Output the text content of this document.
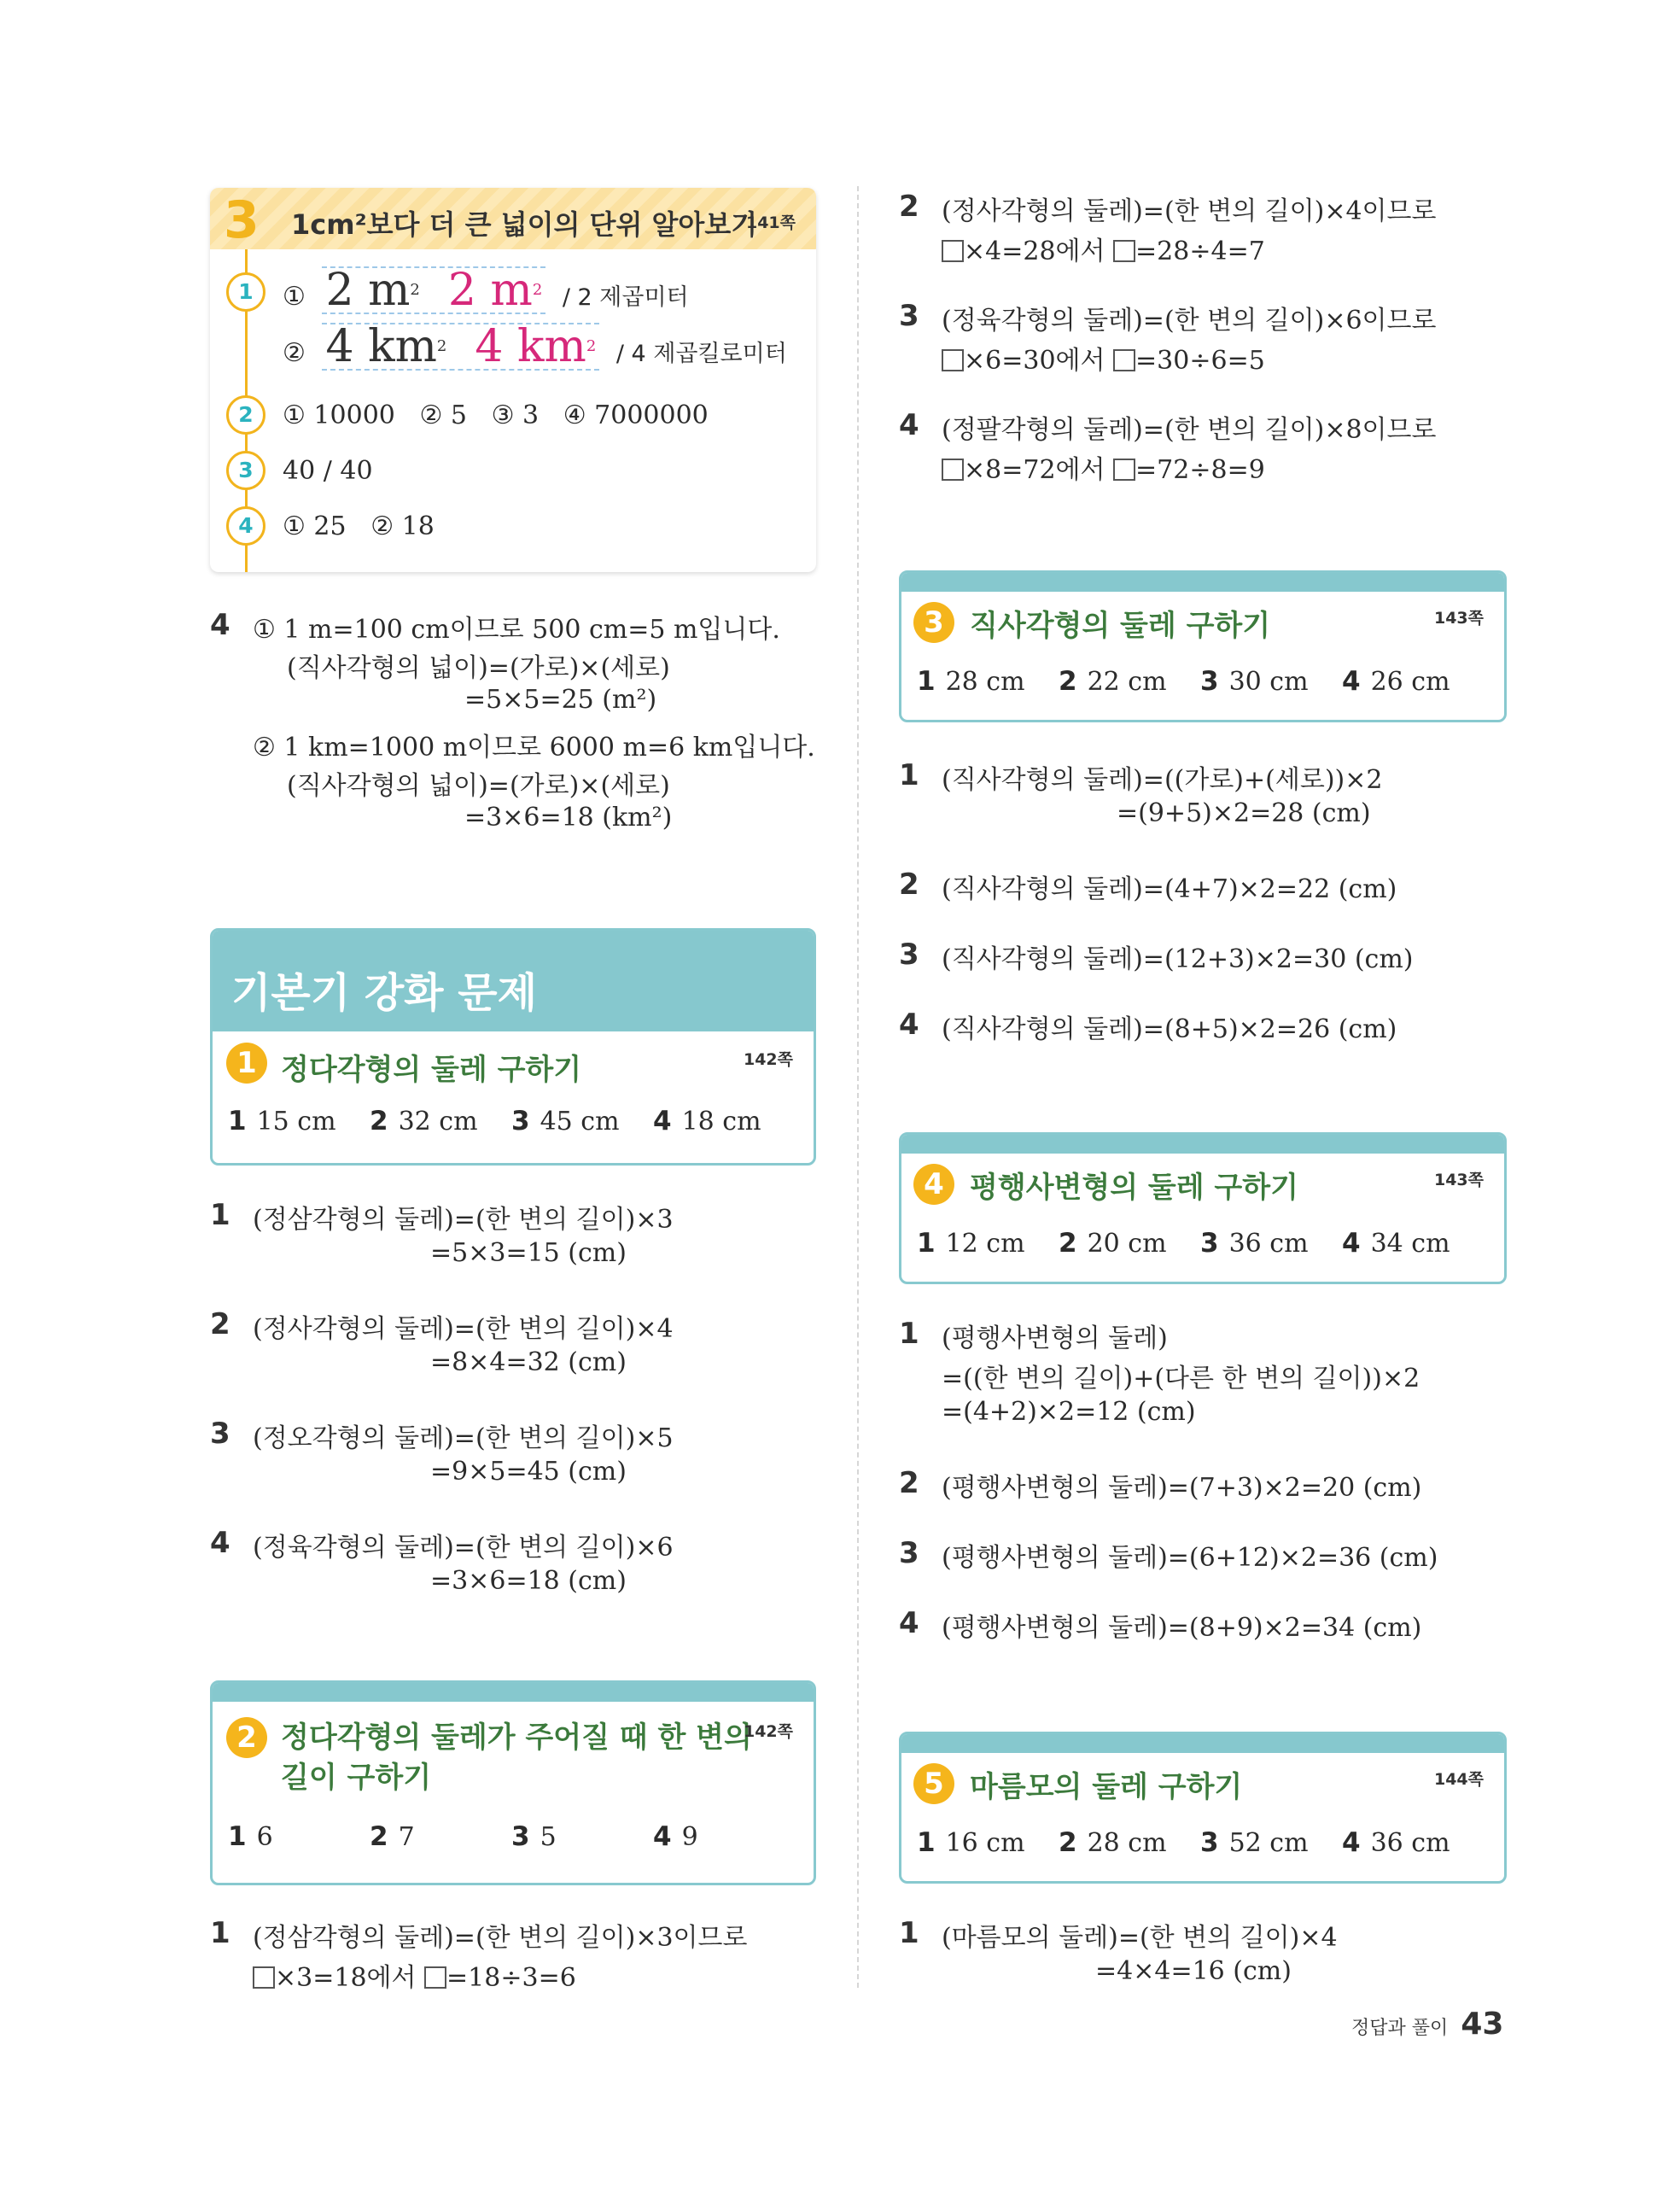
3 1cm²보다 더 큰 넓이의 단위 알아보기
141쪽
1	① 2 $m^2$ 2 $m^2 / 2$ 제곱미터
② 4 $km^2$ 4 $km^2 / 4$ 제곱킬로미터
2	① 10000   ② 5   ③ 3   ④ 7000000
3	40 / 40
4	① 25   ② 18
4 ① 1 m=100 cm이므로 500 cm=5 m입니다.
(직사각형의 넓이)=(가로)×(세로)
=5×5=25 (m²)
② 1 km=1000 m이므로 6000 m=6 km입니다.
(직사각형의 넓이)=(가로)×(세로)
=3×6=18 (km²)
기본기 강화 문제
1 정다각형의 둘레 구하기	142쪽
1 15 cm 2 32 cm 3 45 cm 4 18 cm
1 (정삼각형의 둘레)=(한 변의 길이)×3
=5×3=15 (cm)
2 (정사각형의 둘레)=(한 변의 길이)×4
=8×4=32 (cm)
3 (정오각형의 둘레)=(한 변의 길이)×5
=9×5=45 (cm)
4 (정육각형의 둘레)=(한 변의 길이)×6
=3×6=18 (cm)
2 정다각형의 둘레가 주어질 때 한 변의
길이 구하기
142쪽
1 6	2 7	3 5	4 9
1 (정삼각형의 둘레)=(한 변의 길이)×3이므로
×3=18에서 =18÷3=6
2 (정사각형의 둘레)=(한 변의 길이)×4이므로
×4=28에서 =28÷4=7
3 (정육각형의 둘레)=(한 변의 길이)×6이므로
×6=30에서 =30÷6=5
4 (정팔각형의 둘레)=(한 변의 길이)×8이므로
×8=72에서 =72÷8=9
3 직사각형의 둘레 구하기	143쪽
1 28 cm 2 22 cm 3 30 cm 4 26 cm
1 (직사각형의 둘레)=((가로)+(세로))×2
=(9+5)×2=28 (cm)
2 (직사각형의 둘레)=(4+7)×2=22 (cm)
3 (직사각형의 둘레)=(12+3)×2=30 (cm)
4 (직사각형의 둘레)=(8+5)×2=26 (cm)
4 평행사변형의 둘레 구하기	143쪽
1 12 cm 2 20 cm 3 36 cm 4 34 cm
1 (평행사변형의 둘레)
=((한 변의 길이)+(다른 한 변의 길이))×2
=(4+2)×2=12 (cm)
2 (평행사변형의 둘레)=(7+3)×2=20 (cm)
3 (평행사변형의 둘레)=(6+12)×2=36 (cm)
4 (평행사변형의 둘레)=(8+9)×2=34 (cm)
5 마름모의 둘레 구하기	144쪽
1 16 cm 2 28 cm 3 52 cm 4 36 cm
1 (마름모의 둘레)=(한 변의 길이)×4
=4×4=16 (cm)
정답과 풀이 43
